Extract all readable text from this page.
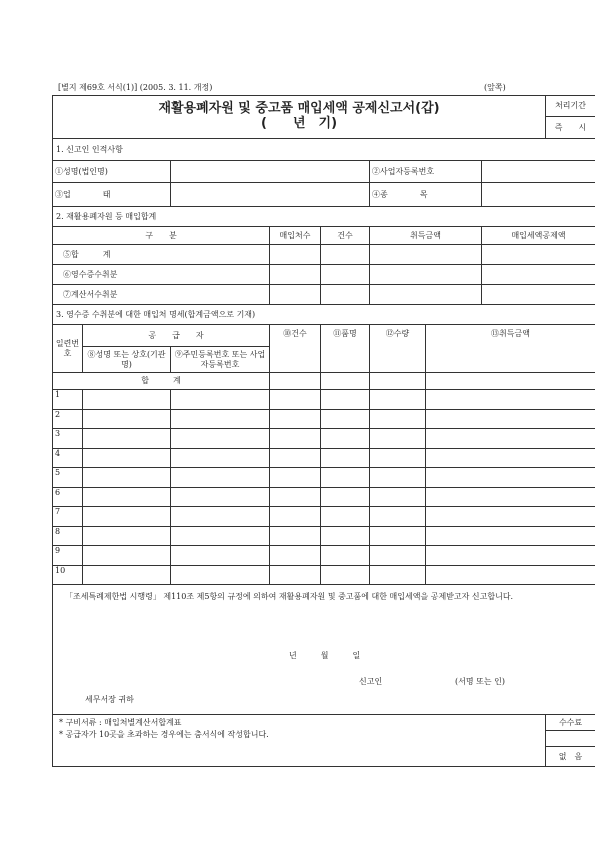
[별지 제69호 서식(1)] (2005. 3. 11. 개정)	(앞쪽)
재활용폐자원 및 중고품 매입세액 공제신고서(갑)
(　　년　기)								처리기간
								즉　　시
1. 신고인 인적사항								
①성명(법인명)					②사업자등록번호			
③업　　　　태					④종　　　　목			
2. 재활용폐자원 등 매입합계								
구　　분			매입처수	건수	취득금액		매입세액공제액	
⑤합　　　계								
⑥영수증수취분								
⑦계산서수취분								
3. 영수증 수취분에 대한 매입처 명세(합계금액으로 기재)								
일련번호	공　　급　　자		⑩건수	⑪품명	⑫수량	⑬취득금액		
	⑧성명 또는 상호(기관명)	⑨주민등록번호 또는 사업자등록번호						
합　　　계								
1								
2								
3								
4								
5								
6								
7								
8								
9								
10								

「조세특례제한법 시행령」 제110조 제5항의 규정에 의하여 재활용폐자원 및 중고품에 대한 매입세액을 공제받고자 신고합니다.
년　　　월　　　일
신고인 (서명 또는 인)
세무서장 귀하								

* 구비서류 : 매입처별계산서합계표
* 공급자가 10곳을 초과하는 경우에는 춤서식에 작성합니다.								수수료

								없　음
